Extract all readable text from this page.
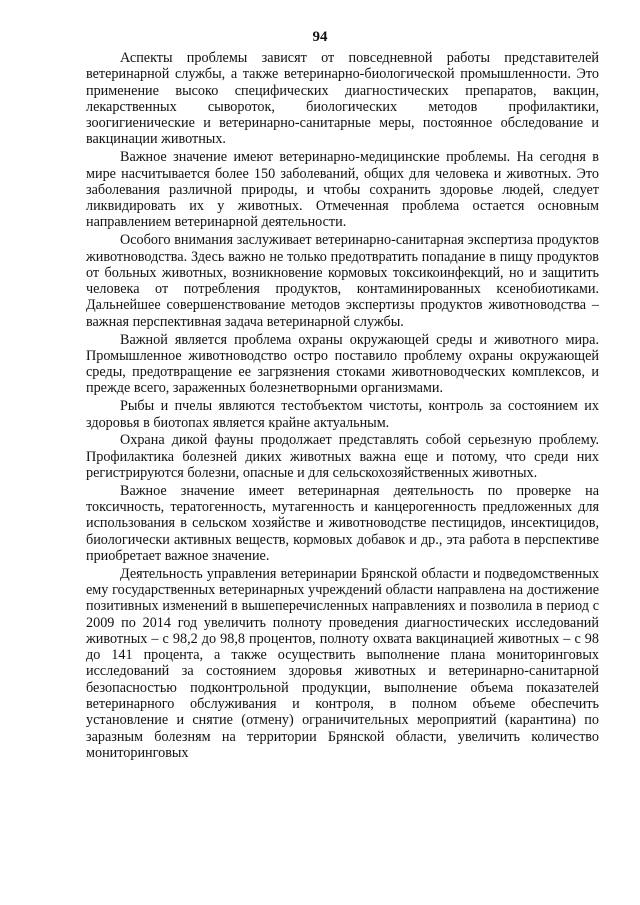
94

Аспекты проблемы зависят от повседневной работы представителей ветеринарной службы, а также ветеринарно-биологической промышленности. Это применение высоко специфических диагностических препаратов, вакцин, лекарственных сывороток, биологических методов профилактики, зоогигиенические и ветеринарно-санитарные меры, постоянное обследование и вакцинации животных.

Важное значение имеют ветеринарно-медицинские проблемы. На сегодня в мире насчитывается более 150 заболеваний, общих для человека и животных. Это заболевания различной природы, и чтобы сохранить здоровье людей, следует ликвидировать их у животных. Отмеченная проблема остается основным направлением ветеринарной деятельности.

Особого внимания заслуживает ветеринарно-санитарная экспертиза продуктов животноводства. Здесь важно не только предотвратить попадание в пищу продуктов от больных животных, возникновение кормовых токсикоинфекций, но и защитить человека от потребления продуктов, контаминированных ксенобиотиками. Дальнейшее совершенствование методов экспертизы продуктов животноводства – важная перспективная задача ветеринарной службы.

Важной является проблема охраны окружающей среды и животного мира. Промышленное животноводство остро поставило проблему охраны окружающей среды, предотвращение ее загрязнения стоками животноводческих комплексов, и прежде всего, зараженных болезнетворными организмами.

Рыбы и пчелы являются тестобъектом чистоты, контроль за состоянием их здоровья в биотопах является крайне актуальным.

Охрана дикой фауны продолжает представлять собой серьезную проблему. Профилактика болезней диких животных важна еще и потому, что среди них регистрируются болезни, опасные и для сельскохозяйственных животных.

Важное значение имеет ветеринарная деятельность по проверке на токсичность, тератогенность, мутагенность и канцерогенность предложенных для использования в сельском хозяйстве и животноводстве пестицидов, инсектицидов, биологически активных веществ, кормовых добавок и др., эта работа в перспективе приобретает важное значение.

Деятельность управления ветеринарии Брянской области и подведомственных ему государственных ветеринарных учреждений области направлена на достижение позитивных изменений в вышеперечисленных направлениях и позволила в период с 2009 по 2014 год увеличить полноту проведения диагностических исследований животных – с 98,2 до 98,8 процентов, полноту охвата вакцинацией животных – с 98 до 141 процента, а также осуществить выполнение плана мониторинговых исследований за состоянием здоровья животных и ветеринарно-санитарной безопасностью подконтрольной продукции, выполнение объема показателей ветеринарного обслуживания и контроля, в полном объеме обеспечить установление и снятие (отмену) ограничительных мероприятий (карантина) по заразным болезням на территории Брянской области, увеличить количество мониторинговых
